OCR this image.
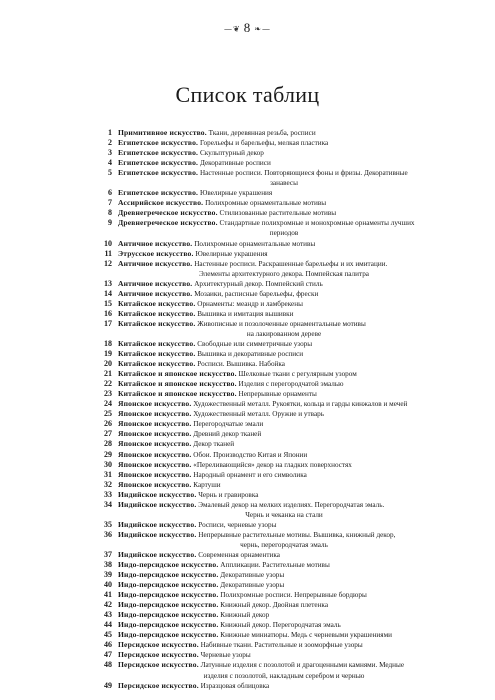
—❦ 8 ❧—
Список таблиц
1 Примитивное искусство. Ткани, деревянная резьба, росписи
2 Египетское искусство. Горельефы и барельефы, мелкая пластика
3 Египетское искусство. Скульптурный декор
4 Египетское искусство. Декоративные росписи
5 Египетское искусство. Настенные росписи. Повторяющиеся фоны и фризы. Декоративные
занавесы
6 Египетское искусство. Ювелирные украшения
7 Ассирийское искусство. Полихромные орнаментальные мотивы
8 Древнегреческое искусство. Стилизованные растительные мотивы
9 Древнегреческое искусство. Стандартные полихромные и монохромные орнаменты лучших
периодов
10 Античное искусство. Полихромные орнаментальные мотивы
11 Этрусское искусство. Ювелирные украшения
12 Античное искусство. Настенные росписи. Раскрашенные барельефы и их имитации.
Элементы архитектурного декора. Помпейская палитра
13 Античное искусство. Архитектурный декор. Помпейский стиль
14 Античное искусство. Мозаики, расписные барельефы, фрески
15 Китайское искусство. Орнаменты: меандр и ламбрекены
16 Китайское искусство. Вышивка и имитация вышивки
17 Китайское искусство. Живописные и позолоченные орнаментальные мотивы
на лакированном дереве
18 Китайское искусство. Свободные или симметричные узоры
19 Китайское искусство. Вышивка и декоративные росписи
20 Китайское искусство. Росписи. Вышивка. Набойка
21 Китайское и японское искусство. Шелковые ткани с регулярным узором
22 Китайское и японское искусство. Изделия с перегородчатой эмалью
23 Китайское и японское искусство. Непрерывные орнаменты
24 Японское искусство. Художественный металл. Рукоятки, кольца и гарды кинжалов и мечей
25 Японское искусство. Художественный металл. Оружие и утварь
26 Японское искусство. Перегородчатые эмали
27 Японское искусство. Древний декор тканей
28 Японское искусство. Декор тканей
29 Японское искусство. Обои. Производство Китая и Японии
30 Японское искусство. «Переливающийся» декор на гладких поверхностях
31 Японское искусство. Народный орнамент и его символика
32 Японское искусство. Картуши
33 Индийское искусство. Чернь и гравировка
34 Индийское искусство. Эмалевый декор на мелких изделиях. Перегородчатая эмаль.
Чернь и чеканка на стали
35 Индийское искусство. Росписи, черневые узоры
36 Индийское искусство. Непрерывные растительные мотивы. Вышивка, книжный декор,
чернь, перегородчатая эмаль
37 Индийское искусство. Современная орнаментика
38 Индо-персидское искусство. Аппликации. Растительные мотивы
39 Индо-персидское искусство. Декоративные узоры
40 Индо-персидское искусство. Декоративные узоры
41 Индо-персидское искусство. Полихромные росписи. Непрерывные бордюры
42 Индо-персидское искусство. Книжный декор. Двойная плетенка
43 Индо-персидское искусство. Книжный декор
44 Индо-персидское искусство. Книжный декор. Перегородчатая эмаль
45 Индо-персидское искусство. Книжные миниатюры. Медь с черневыми украшениями
46 Персидское искусство. Набивные ткани. Растительные и зооморфные узоры
47 Персидское искусство. Черневые узоры
48 Персидское искусство. Латунные изделия с позолотой и драгоценными камнями. Медные
изделия с позолотой, накладным серебром и чернью
49 Персидское искусство. Изразцовая облицовка
